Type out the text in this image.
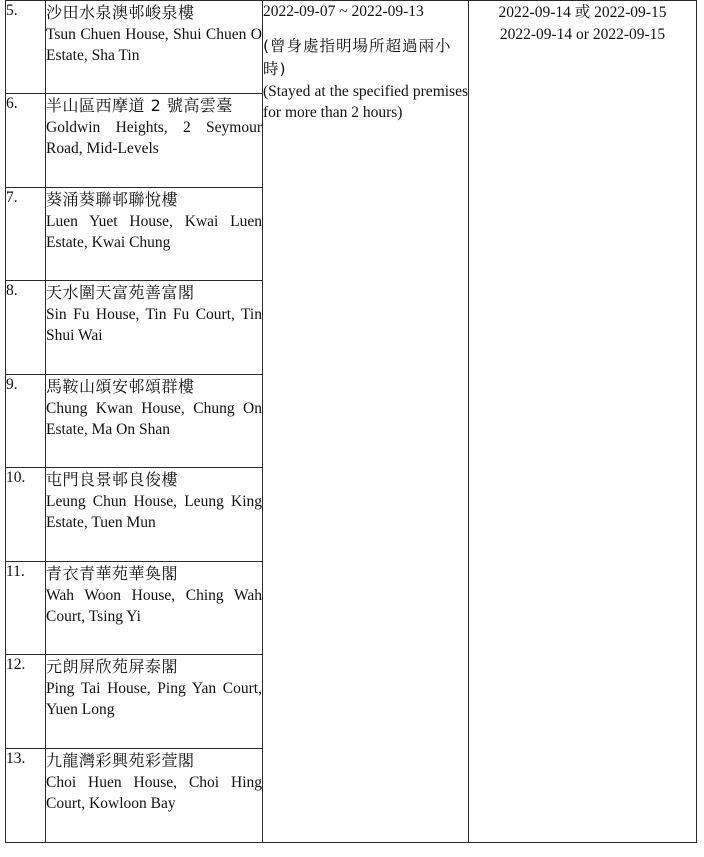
5.	沙田水泉澳邨峻泉樓
Tsun Chuen House, Shui Chuen O Estate, Sha Tin	2022-09-07 ~ 2022-09-13
(曾身處指明場所超過兩小時)
(Stayed at the specified premises for more than 2 hours)	2022-09-14 或 2022-09-15
2022-09-14 or 2022-09-15

6.	半山區西摩道 2 號高雲臺
Goldwin Heights, 2 Seymour Road, Mid-Levels		

7.	葵涌葵聯邨聯悅樓
Luen Yuet House, Kwai Luen Estate, Kwai Chung		

8.	天水圍天富苑善富閣
Sin Fu House, Tin Fu Court, Tin Shui Wai		

9.	馬鞍山頌安邨頌群樓
Chung Kwan House, Chung On Estate, Ma On Shan		

10.	屯門良景邨良俊樓
Leung Chun House, Leung King Estate, Tuen Mun		

11.	青衣青華苑華奐閣
Wah Woon House, Ching Wah Court, Tsing Yi		

12.	元朗屏欣苑屏泰閣
Ping Tai House, Ping Yan Court, Yuen Long		

13.	九龍灣彩興苑彩萱閣
Choi Huen House, Choi Hing Court, Kowloon Bay		
